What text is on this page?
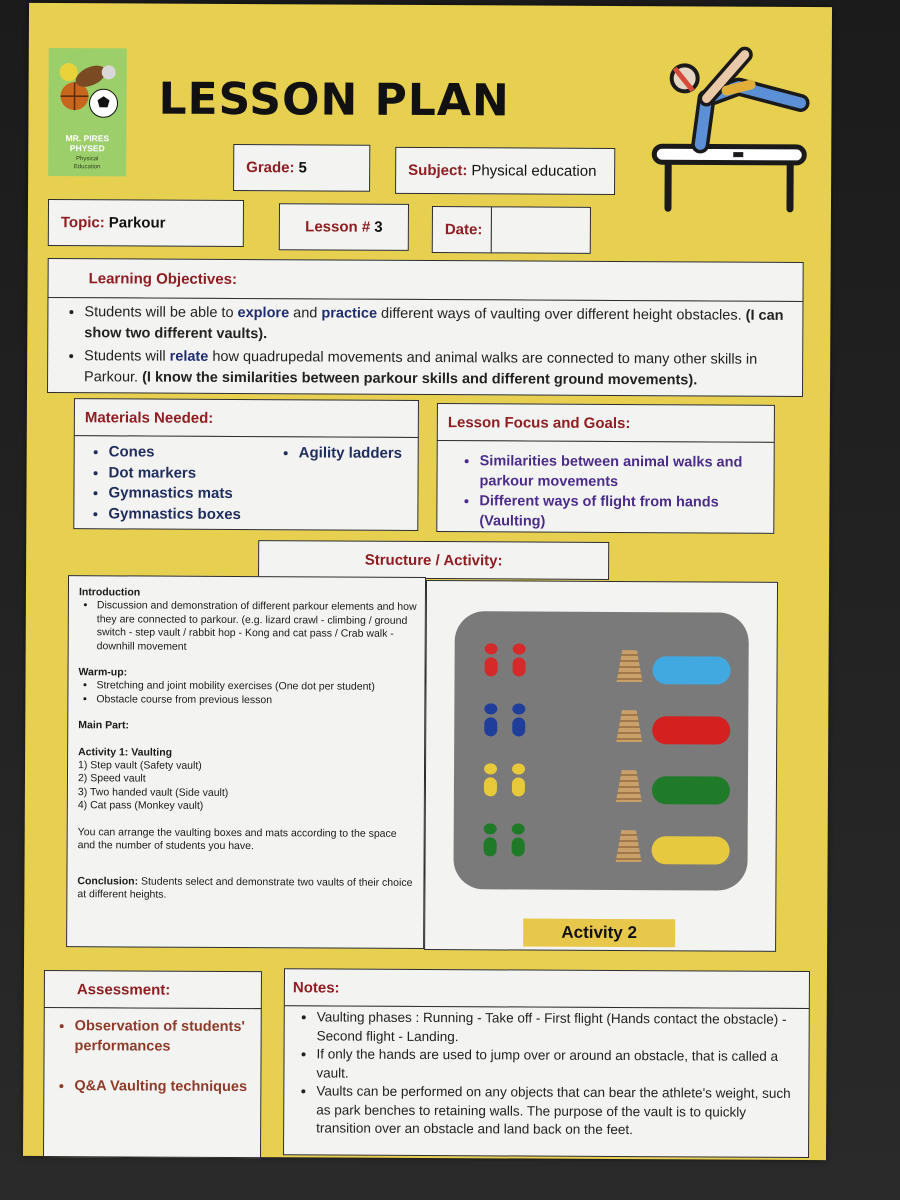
MR. PIRES
PHYSED
Physical
Education
LESSON PLAN
Grade: 5	Subject: Physical education
Topic: Parkour	Lesson # 3	Date:
Learning Objectives:
• Students will be able to explore and practice different ways of vaulting over different height obstacles. (I can show two different vaults).
• Students will relate how quadrupedal movements and animal walks are connected to many other skills in Parkour. (I know the similarities between parkour skills and different ground movements).
Materials Needed:
• Cones
• Dot markers
• Gymnastics mats
• Gymnastics boxes
• Agility ladders
Lesson Focus and Goals:
• Similarities between animal walks and parkour movements
• Different ways of flight from hands (Vaulting)
Structure / Activity:
Introduction
• Discussion and demonstration of different parkour elements and how they are connected to parkour. (e.g. lizard crawl - climbing / ground switch - step vault / rabbit hop - Kong and cat pass / Crab walk - downhill movement
Warm-up:
• Stretching and joint mobility exercises (One dot per student)
• Obstacle course from previous lesson
Main Part:
Activity 1: Vaulting
1) Step vault (Safety vault)
2) Speed vault
3) Two handed vault (Side vault)
4) Cat pass (Monkey vault)
You can arrange the vaulting boxes and mats according to the space and the number of students you have.
Conclusion: Students select and demonstrate two vaults of their choice at different heights.
Activity 2
Assessment:
• Observation of students' performances
• Q&A Vaulting techniques
Notes:
• Vaulting phases : Running - Take off - First flight (Hands contact the obstacle) - Second flight - Landing.
• If only the hands are used to jump over or around an obstacle, that is called a vault.
• Vaults can be performed on any objects that can bear the athlete's weight, such as park benches to retaining walls. The purpose of the vault is to quickly transition over an obstacle and land back on the feet.
